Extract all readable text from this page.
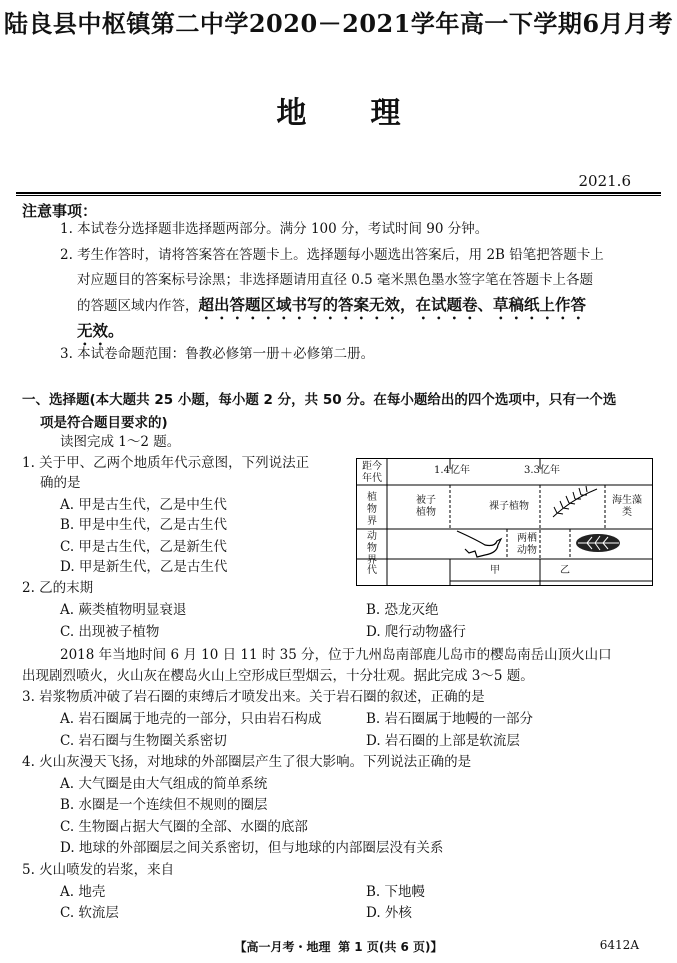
陆良县中枢镇第二中学2020－2021学年高一下学期6月月考
地理
2021.6
注意事项：
1. 本试卷分选择题非选择题两部分。满分 100 分，考试时间 90 分钟。
2. 考生作答时，请将答案答在答题卡上。选择题每小题选出答案后，用 2B 铅笔把答题卡上
对应题目的答案标号涂黑；非选择题请用直径 0.5 毫米黑色墨水签字笔在答题卡上各题
的答题区域内作答，超出答题区域书写的答案无效，在试题卷、草稿纸上作答
无效。
3. 本试卷命题范围：鲁教必修第一册＋必修第二册。
一、选择题(本大题共 25 小题，每小题 2 分，共 50 分。在每小题给出的四个选项中，只有一个选
项是符合题目要求的)
读图完成 1～2 题。
1. 关于甲、乙两个地质年代示意图，下列说法正
确的是
A. 甲是古生代，乙是中生代
B. 甲是中生代，乙是古生代
C. 甲是古生代，乙是新生代
D. 甲是新生代，乙是古生代
距今年代
1.4亿年	3.3亿年
植物界
被子植物
裸子植物
海生藻类
动物界
两栖动物
代	甲	乙
2. 乙的末期
A. 蕨类植物明显衰退	B. 恐龙灭绝
C. 出现被子植物	D. 爬行动物盛行
2018 年当地时间 6 月 10 日 11 时 35 分，位于九州岛南部鹿儿岛市的樱岛南岳山顶火山口
出现剧烈喷火，火山灰在樱岛火山上空形成巨型烟云，十分壮观。据此完成 3～5 题。
3. 岩浆物质冲破了岩石圈的束缚后才喷发出来。关于岩石圈的叙述，正确的是
A. 岩石圈属于地壳的一部分，只由岩石构成	B. 岩石圈属于地幔的一部分
C. 岩石圈与生物圈关系密切	D. 岩石圈的上部是软流层
4. 火山灰漫天飞扬，对地球的外部圈层产生了很大影响。下列说法正确的是
A. 大气圈是由大气组成的简单系统
B. 水圈是一个连续但不规则的圈层
C. 生物圈占据大气圈的全部、水圈的底部
D. 地球的外部圈层之间关系密切，但与地球的内部圈层没有关系
5. 火山喷发的岩浆，来自
A. 地壳	B. 下地幔
C. 软流层	D. 外核
【高一月考・地理 第 1 页(共 6 页)】	6412A
